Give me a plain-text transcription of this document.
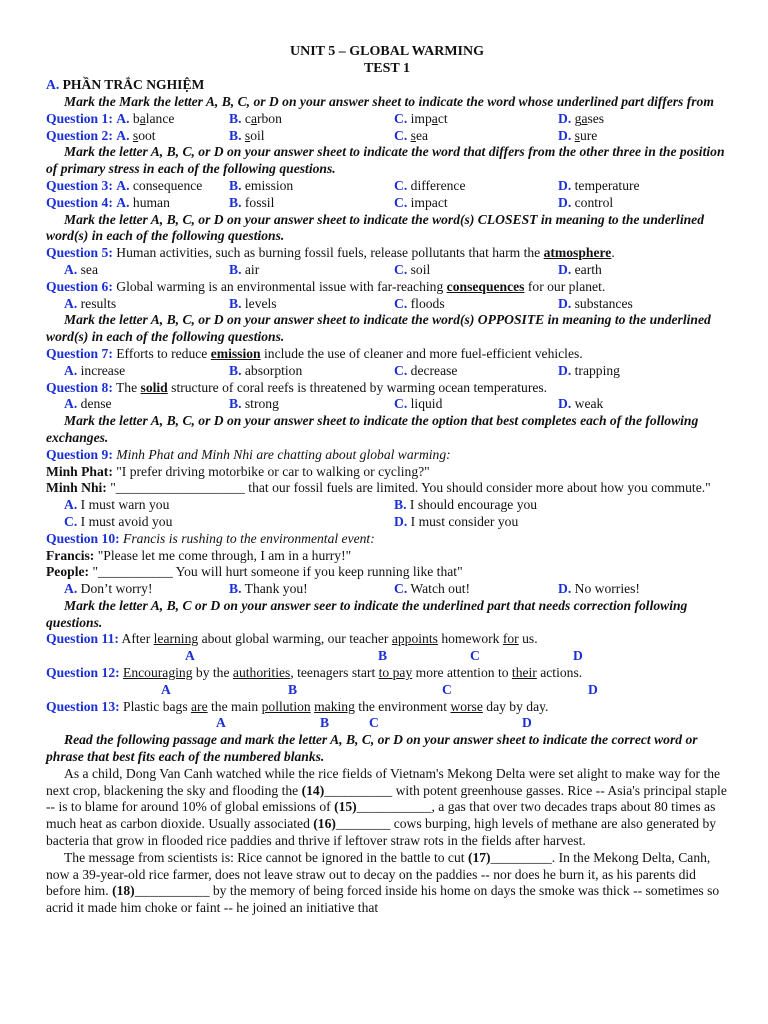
UNIT 5 – GLOBAL WARMING
TEST 1
A. PHẦN TRẮC NGHIỆM
Mark the Mark the letter A, B, C, or D on your answer sheet to indicate the word whose underlined part differs from
Question 1: A. balance	B. carbon	C. impact	D. gases
Question 2: A. soot	B. soil	C. sea	D. sure
Mark the letter A, B, C, or D on your answer sheet to indicate the word that differs from the other three in the position of primary stress in each of the following questions.
Question 3: A. consequence	B. emission	C. difference	D. temperature
Question 4: A. human	B. fossil	C. impact	D. control
Mark the letter A, B, C, or D on your answer sheet to indicate the word(s) CLOSEST in meaning to the underlined word(s) in each of the following questions.
Question 5: Human activities, such as burning fossil fuels, release pollutants that harm the atmosphere.
A. sea	B. air	C. soil	D. earth
Question 6: Global warming is an environmental issue with far-reaching consequences for our planet.
A. results	B. levels	C. floods	D. substances
Mark the letter A, B, C, or D on your answer sheet to indicate the word(s) OPPOSITE in meaning to the underlined word(s) in each of the following questions.
Question 7: Efforts to reduce emission include the use of cleaner and more fuel-efficient vehicles.
A. increase	B. absorption	C. decrease	D. trapping
Question 8: The solid structure of coral reefs is threatened by warming ocean temperatures.
A. dense	B. strong	C. liquid	D. weak
Mark the letter A, B, C, or D on your answer sheet to indicate the option that best completes each of the following exchanges.
Question 9: Minh Phat and Minh Nhi are chatting about global warming:
Minh Phat: "I prefer driving motorbike or car to walking or cycling?"
Minh Nhi: "___________________ that our fossil fuels are limited. You should consider more about how you commute."
A. I must warn you	B. I should encourage you
C. I must avoid you	D. I must consider you
Question 10: Francis is rushing to the environmental event:
Francis: "Please let me come through, I am in a hurry!"
People: "___________ You will hurt someone if you keep running like that"
A. Don’t worry!	B. Thank you!	C. Watch out!	D. No worries!
Mark the letter A, B, C or D on your answer seer to indicate the underlined part that needs correction following questions.
Question 11: After learning about global warming, our teacher appoints homework for us.
A	B	C	D
Question 12: Encouraging by the authorities, teenagers start to pay more attention to their actions.
A	B	C	D
Question 13: Plastic bags are the main pollution making the environment worse day by day.
A	B	C	D
Read the following passage and mark the letter A, B, C, or D on your answer sheet to indicate the correct word or phrase that best fits each of the numbered blanks.
As a child, Dong Van Canh watched while the rice fields of Vietnam's Mekong Delta were set alight to make way for the next crop, blackening the sky and flooding the (14)__________ with potent greenhouse gasses. Rice -- Asia's principal staple -- is to blame for around 10% of global emissions of (15)___________, a gas that over two decades traps about 80 times as much heat as carbon dioxide. Usually associated (16)________ cows burping, high levels of methane are also generated by bacteria that grow in flooded rice paddies and thrive if leftover straw rots in the fields after harvest.
The message from scientists is: Rice cannot be ignored in the battle to cut (17)_________. In the Mekong Delta, Canh, now a 39-year-old rice farmer, does not leave straw out to decay on the paddies -- nor does he burn it, as his parents did before him. (18)___________ by the memory of being forced inside his home on days the smoke was thick -- sometimes so acrid it made him choke or faint -- he joined an initiative that
